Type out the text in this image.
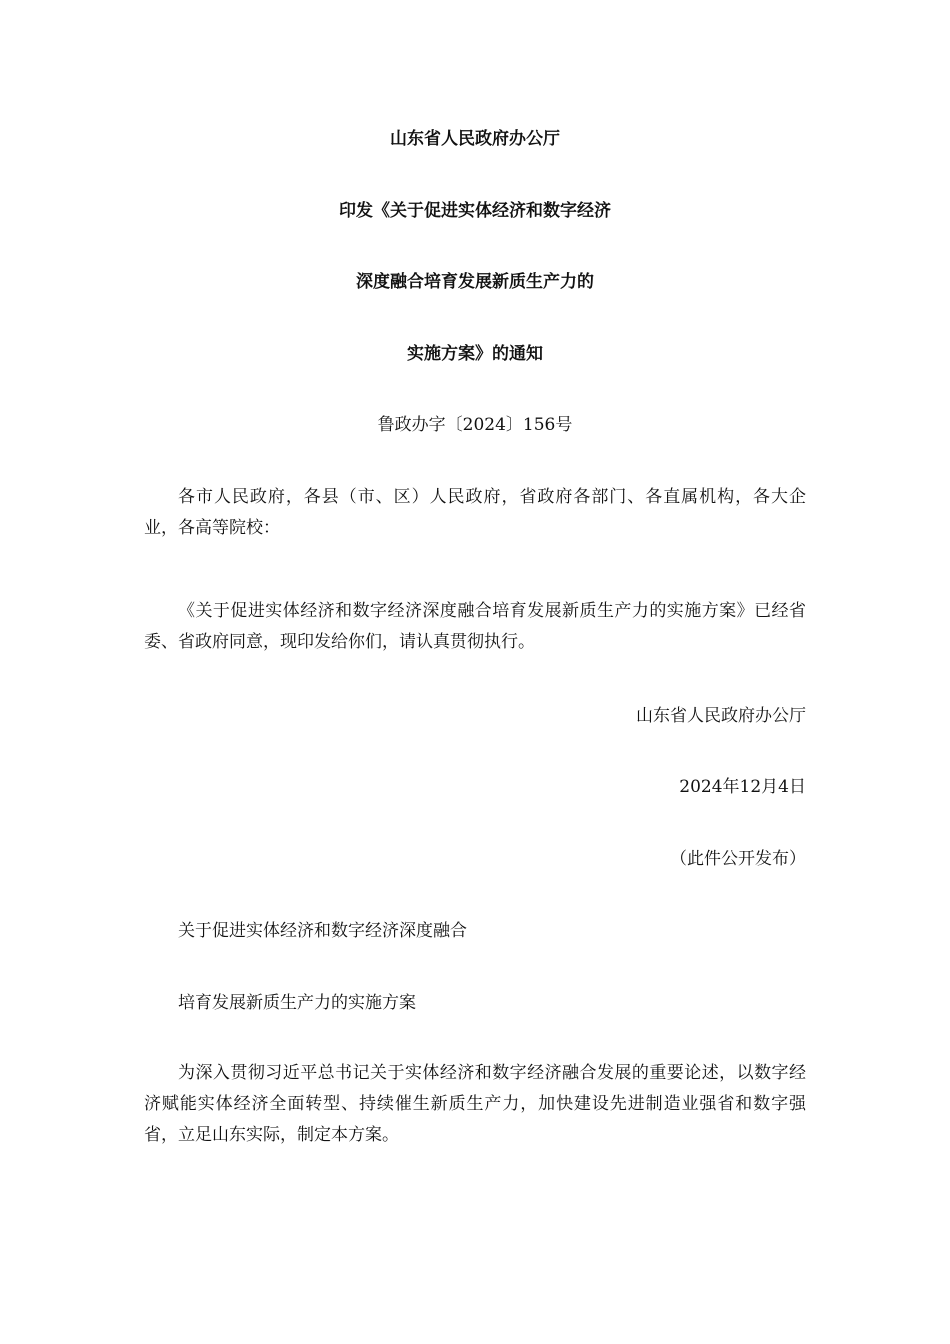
山东省人民政府办公厅
印发《关于促进实体经济和数字经济
深度融合培育发展新质生产力的
实施方案》的通知
鲁政办字〔2024〕156号
各市人民政府，各县（市、区）人民政府，省政府各部门、各直属机构，各大企业，各高等院校：
《关于促进实体经济和数字经济深度融合培育发展新质生产力的实施方案》已经省委、省政府同意，现印发给你们，请认真贯彻执行。
山东省人民政府办公厅
2024年12月4日
（此件公开发布）
关于促进实体经济和数字经济深度融合
培育发展新质生产力的实施方案
为深入贯彻习近平总书记关于实体经济和数字经济融合发展的重要论述，以数字经济赋能实体经济全面转型、持续催生新质生产力，加快建设先进制造业强省和数字强省，立足山东实际，制定本方案。
